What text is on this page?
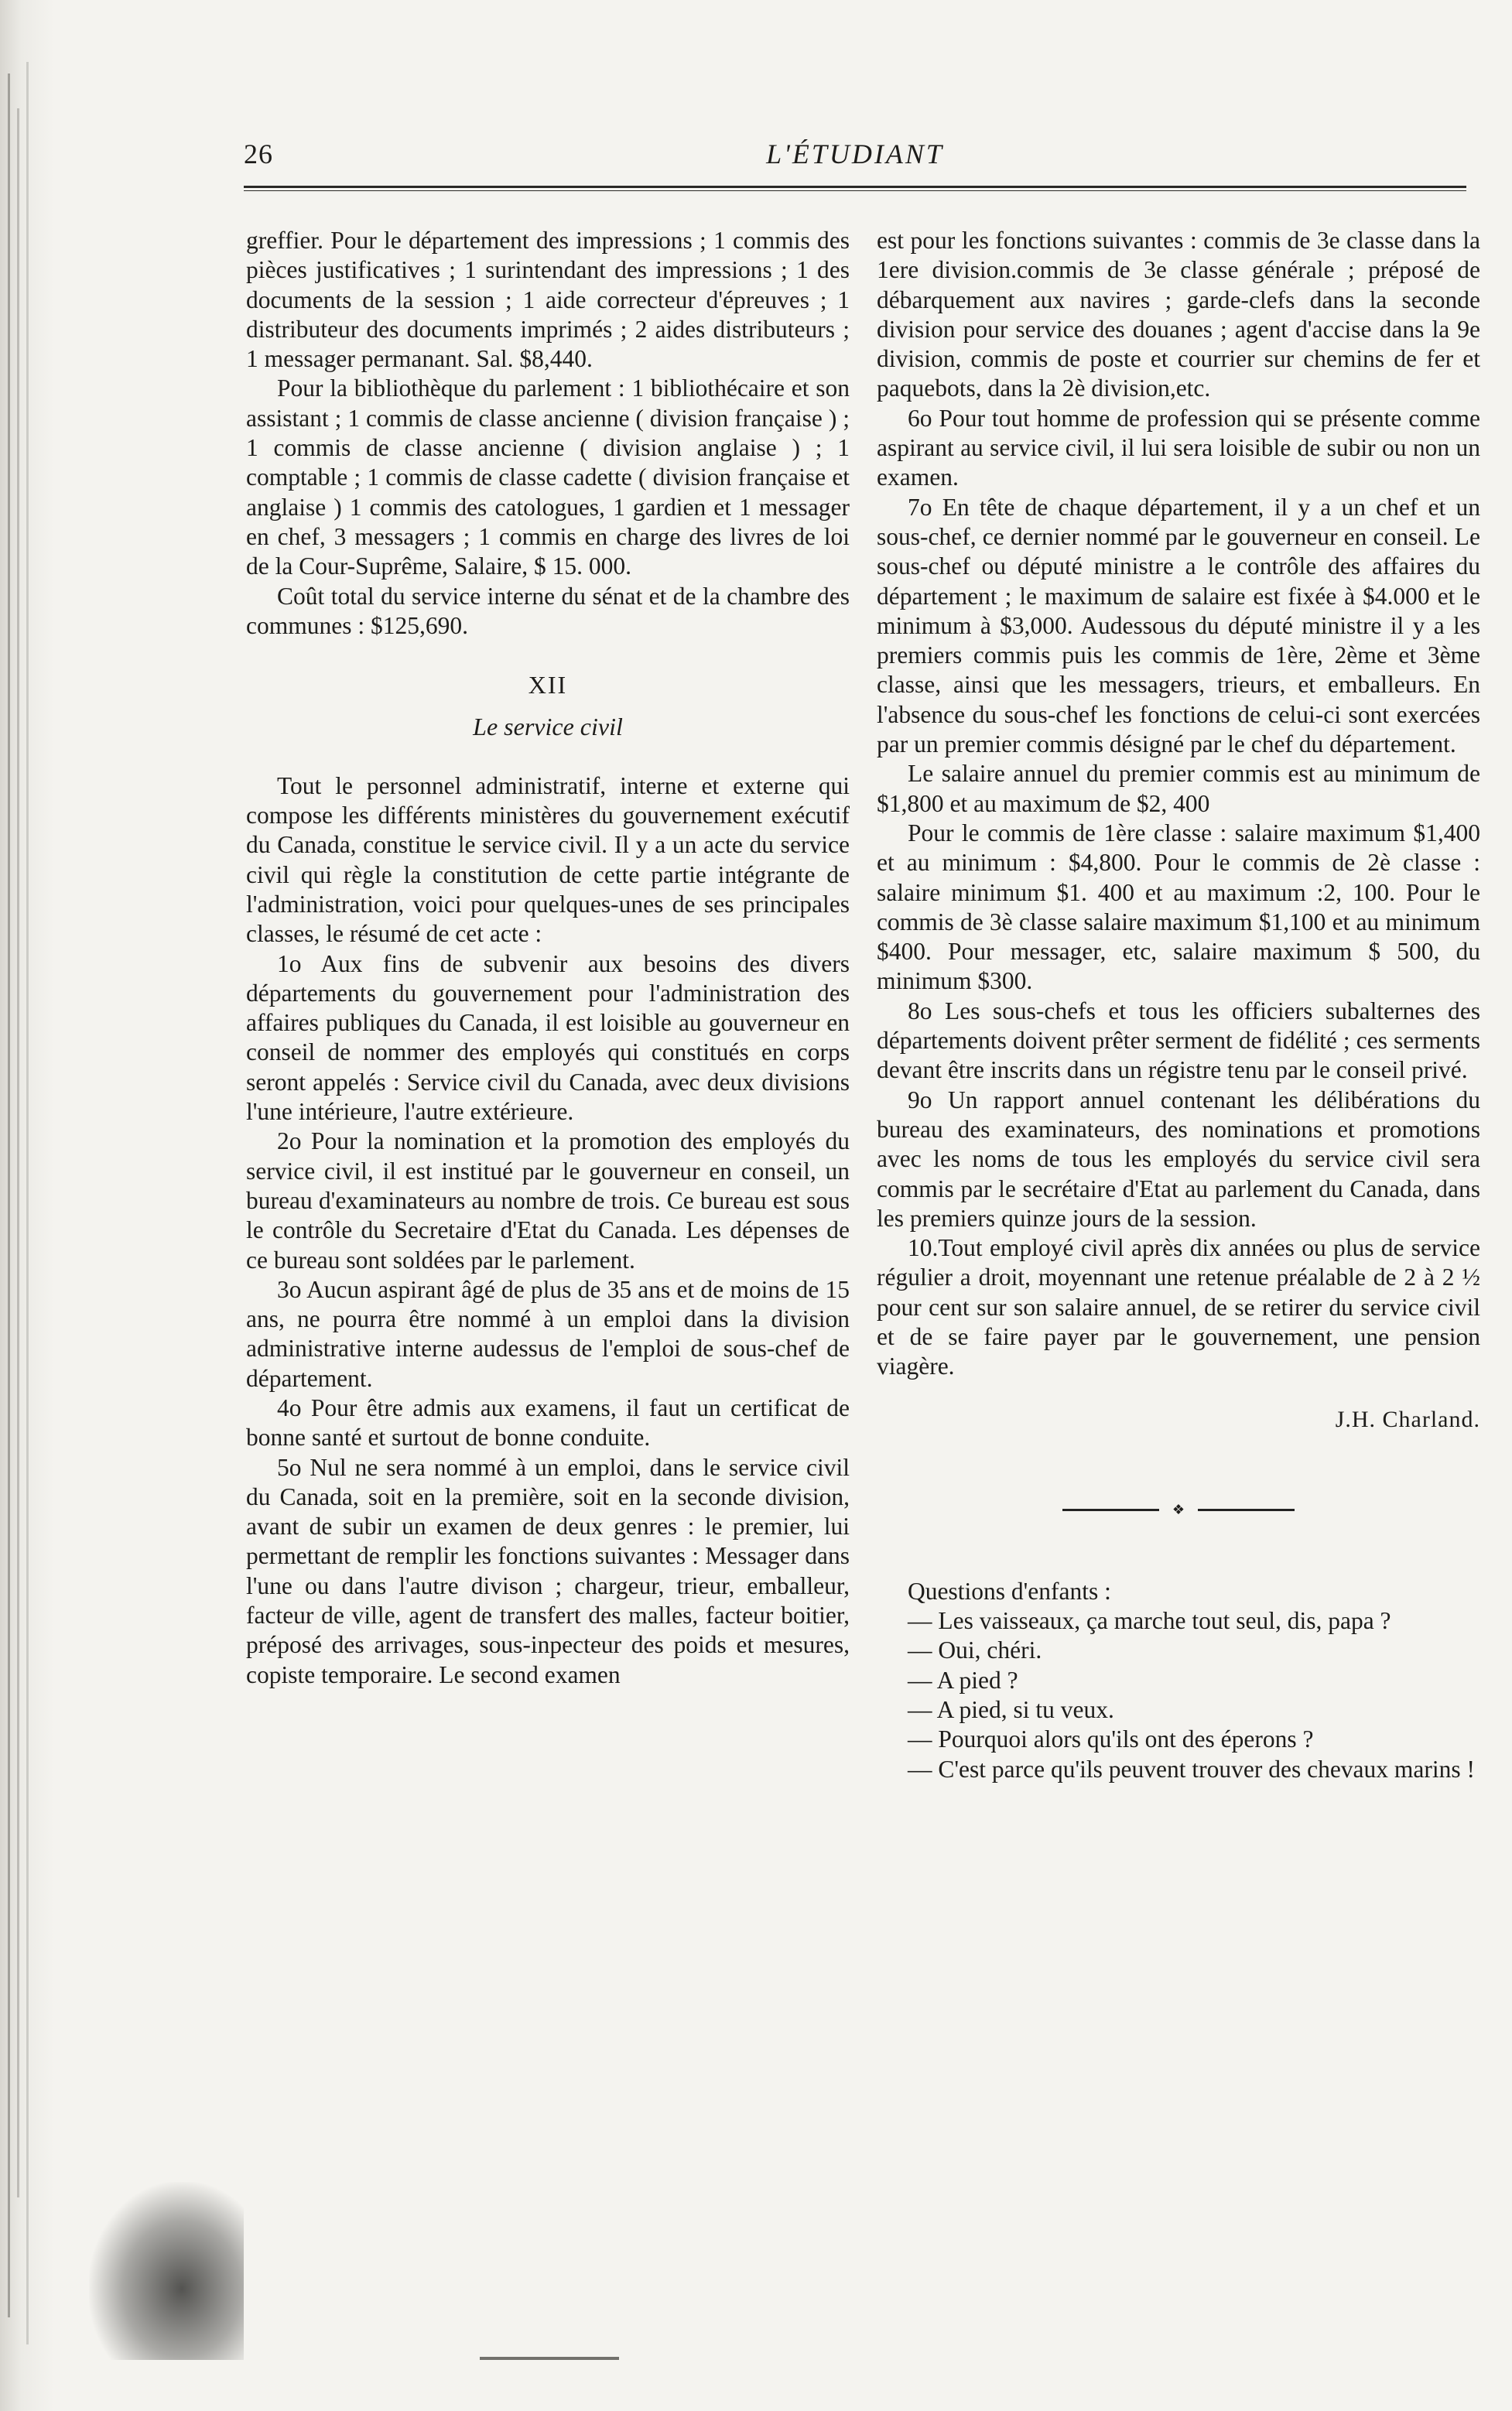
26	L'ÉTUDIANT

greffier. Pour le département des impressions ; 1 commis des pièces justificatives ; 1 surintendant des impressions ; 1 des documents de la session ; 1 aide correcteur d'épreuves ; 1 distributeur des documents imprimés ; 2 aides distributeurs ; 1 messager permanant. Sal. $8,440.

Pour la bibliothèque du parlement : 1 bibliothécaire et son assistant ; 1 commis de classe ancienne ( division française ) ; 1 commis de classe ancienne ( division anglaise ) ; 1 comptable ; 1 commis de classe cadette ( division française et anglaise ) 1 commis des catologues, 1 gardien et 1 messager en chef, 3 messagers ; 1 commis en charge des livres de loi de la Cour-Suprême, Salaire, $ 15. 000.

Coût total du service interne du sénat et de la chambre des communes : $125,690.

XII
Le service civil

Tout le personnel administratif, interne et externe qui compose les différents ministères du gouvernement exécutif du Canada, constitue le service civil. Il y a un acte du service civil qui règle la constitution de cette partie intégrante de l'administration, voici pour quelques-unes de ses principales classes, le résumé de cet acte :

1o Aux fins de subvenir aux besoins des divers départements du gouvernement pour l'administration des affaires publiques du Canada, il est loisible au gouverneur en conseil de nommer des employés qui constitués en corps seront appelés : Service civil du Canada, avec deux divisions l'une intérieure, l'autre extérieure.

2o Pour la nomination et la promotion des employés du service civil, il est institué par le gouverneur en conseil, un bureau d'examinateurs au nombre de trois. Ce bureau est sous le contrôle du Secretaire d'Etat du Canada. Les dépenses de ce bureau sont soldées par le parlement.

3o Aucun aspirant âgé de plus de 35 ans et de moins de 15 ans, ne pourra être nommé à un emploi dans la division administrative interne audessus de l'emploi de sous-chef de département.

4o Pour être admis aux examens, il faut un certificat de bonne santé et surtout de bonne conduite.

5o Nul ne sera nommé à un emploi, dans le service civil du Canada, soit en la première, soit en la seconde division, avant de subir un examen de deux genres : le premier, lui permettant de remplir les fonctions suivantes : Messager dans l'une ou dans l'autre divison ; chargeur, trieur, emballeur, facteur de ville, agent de transfert des malles, facteur boitier, préposé des arrivages, sous-inpecteur des poids et mesures, copiste temporaire. Le second examen

est pour les fonctions suivantes : commis de 3e classe dans la 1ere division.commis de 3e classe générale ; préposé de débarquement aux navires ; garde-clefs dans la seconde division pour service des douanes ; agent d'accise dans la 9e division, commis de poste et courrier sur chemins de fer et paquebots, dans la 2è division,etc.

6o Pour tout homme de profession qui se présente comme aspirant au service civil, il lui sera loisible de subir ou non un examen.

7o En tête de chaque département, il y a un chef et un sous-chef, ce dernier nommé par le gouverneur en conseil. Le sous-chef ou député ministre a le contrôle des affaires du département ; le maximum de salaire est fixée à $4.000 et le minimum à $3,000. Audessous du député ministre il y a les premiers commis puis les commis de 1ère, 2ème et 3ème classe, ainsi que les messagers, trieurs, et emballeurs. En l'absence du sous-chef les fonctions de celui-ci sont exercées par un premier commis désigné par le chef du département.

Le salaire annuel du premier commis est au minimum de $1,800 et au maximum de $2, 400

Pour le commis de 1ère classe : salaire maximum $1,400 et au minimum : $4,800. Pour le commis de 2è classe : salaire minimum $1. 400 et au maximum :2, 100. Pour le commis de 3è classe salaire maximum $1,100 et au minimum $400. Pour messager, etc, salaire maximum $ 500, du minimum $300.

8o Les sous-chefs et tous les officiers subalternes des départements doivent prêter serment de fidélité ; ces serments devant être inscrits dans un régistre tenu par le conseil privé.

9o Un rapport annuel contenant les délibérations du bureau des examinateurs, des nominations et promotions avec les noms de tous les employés du service civil sera commis par le secrétaire d'Etat au parlement du Canada, dans les premiers quinze jours de la session.

10.Tout employé civil après dix années ou plus de service régulier a droit, moyennant une retenue préalable de 2 à 2 ½ pour cent sur son salaire annuel, de se retirer du service civil et de se faire payer par le gouvernement, une pension viagère.

J.H. Charland.
❖

Questions d'enfants :

— Les vaisseaux, ça marche tout seul, dis, papa ?

— Oui, chéri.

— A pied ?

— A pied, si tu veux.

— Pourquoi alors qu'ils ont des éperons ?

— C'est parce qu'ils peuvent trouver des chevaux marins !
